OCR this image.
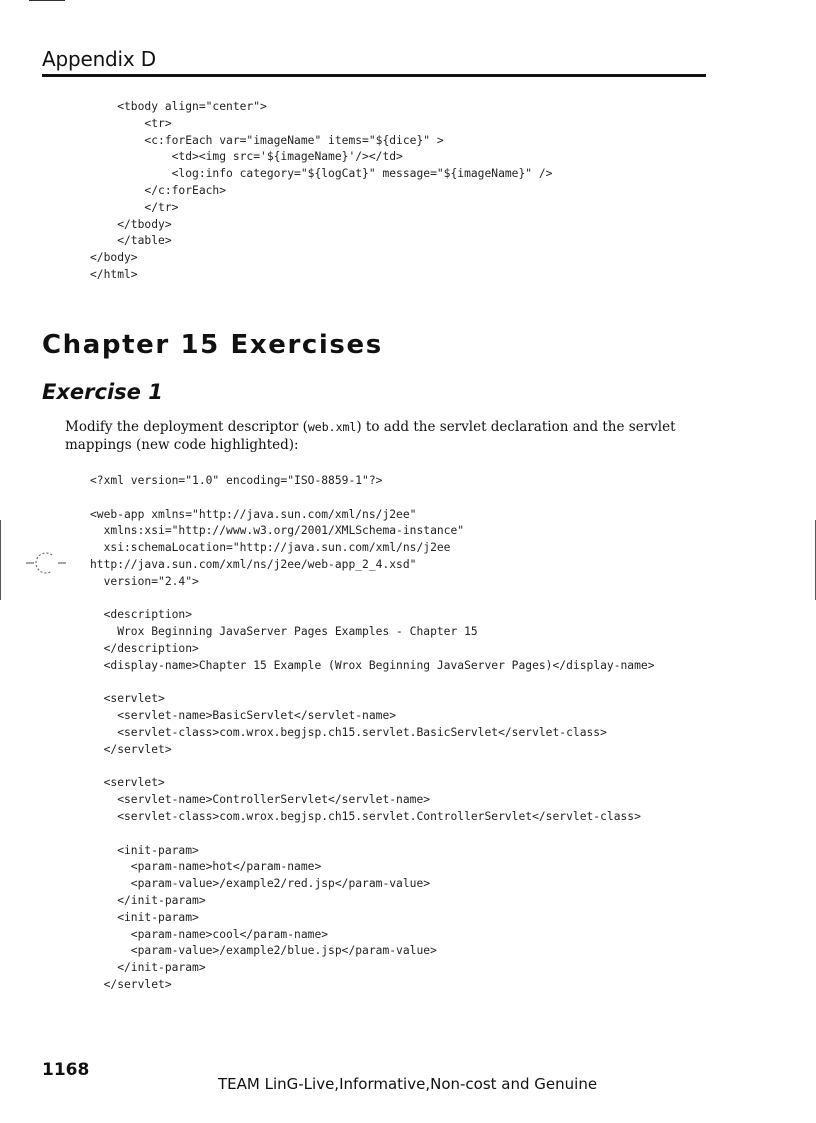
Appendix D
<tbody align="center">
<tr>
<c:forEach var="imageName" items="${dice}" >
<td><img src='${imageName}'/></td>
<log:info category="${logCat}" message="${imageName}" />
</c:forEach>
</tr>
</tbody>
</table>
</body>
</html>

Chapter 15 Exercises
Exercise 1

Modify the deployment descriptor (web.xml) to add the servlet declaration and the servlet mappings (new code highlighted):

<?xml version="1.0" encoding="ISO-8859-1"?>

<web-app xmlns="http://java.sun.com/xml/ns/j2ee"
xmlns:xsi="http://www.w3.org/2001/XMLSchema-instance"
xsi:schemaLocation="http://java.sun.com/xml/ns/j2ee
http://java.sun.com/xml/ns/j2ee/web-app_2_4.xsd"
version="2.4">

<description>
Wrox Beginning JavaServer Pages Examples - Chapter 15
</description>
<display-name>Chapter 15 Example (Wrox Beginning JavaServer Pages)</display-name>

<servlet>
<servlet-name>BasicServlet</servlet-name>
<servlet-class>com.wrox.begjsp.ch15.servlet.BasicServlet</servlet-class>
</servlet>

<servlet>
<servlet-name>ControllerServlet</servlet-name>
<servlet-class>com.wrox.begjsp.ch15.servlet.ControllerServlet</servlet-class>

<init-param>
<param-name>hot</param-name>
<param-value>/example2/red.jsp</param-value>
</init-param>
<init-param>
<param-name>cool</param-name>
<param-value>/example2/blue.jsp</param-value>
</init-param>
</servlet>

1168
TEAM LinG-Live,Informative,Non-cost and Genuine
